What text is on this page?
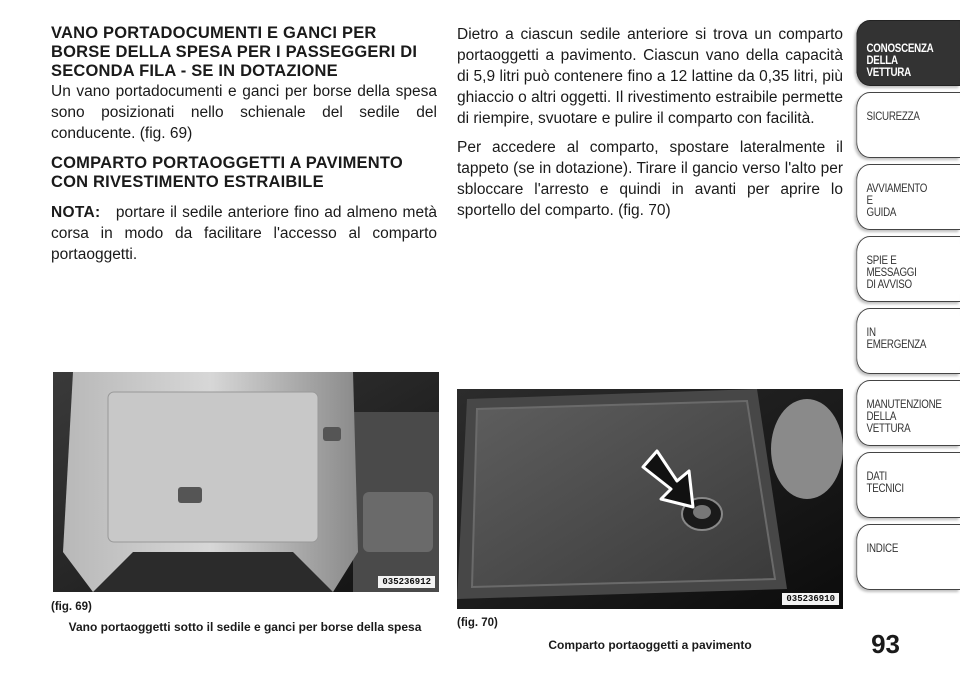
VANO PORTADOCUMENTI E GANCI PER BORSE DELLA SPESA PER I PASSEGGERI DI SECONDA FILA - SE IN DOTAZIONE

Un vano portadocumenti e ganci per borse della spesa sono posizionati nello schienale del sedile del conducente. (fig. 69)

COMPARTO PORTAOGGETTI A PAVIMENTO CON RIVESTIMENTO ESTRAIBILE

NOTA: portare il sedile anteriore fino ad almeno metà corsa in modo da facilitare l'accesso al comparto portaoggetti.

Dietro a ciascun sedile anteriore si trova un comparto portaoggetti a pavimento. Ciascun vano della capacità di 5,9 litri può contenere fino a 12 lattine da 0,35 litri, più ghiaccio o altri oggetti. Il rivestimento estraibile permette di riempire, svuotare e pulire il comparto con facilità.

Per accedere al comparto, spostare lateralmente il tappeto (se in dotazione). Tirare il gancio verso l'alto per sbloccare l'arresto e quindi in avanti per aprire lo sportello del comparto. (fig. 70)

035236912
(fig. 69)
Vano portaoggetti sotto il sedile e ganci per borse della spesa
035236910
(fig. 70)
Comparto portaoggetti a pavimento	93
CONOSCENZA
DELLA
VETTURA
SICUREZZA
AVVIAMENTO
E
GUIDA
SPIE E
MESSAGGI
DI AVVISO
IN
EMERGENZA
MANUTENZIONE
DELLA
VETTURA
DATI
TECNICI
INDICE
